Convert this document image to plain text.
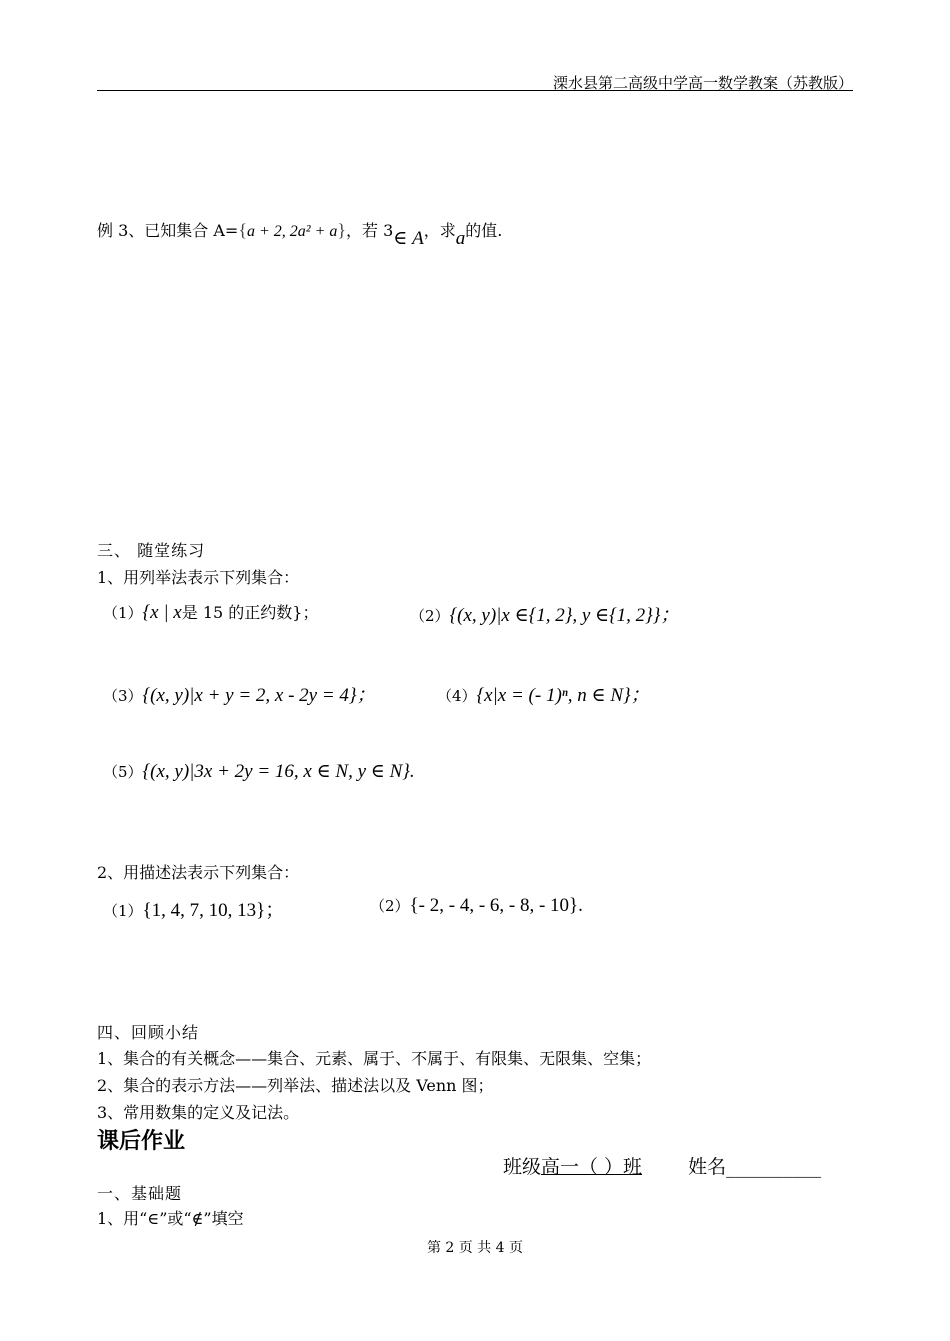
溧水县第二高级中学高一数学教案（苏教版）
例 3、已知集合 A={a + 2, 2a² + a}，若 3∈ A，求a的值.
三、 随堂练习
1、用列举法表示下列集合：
（1）{x | x是 15 的正约数}；	（2）{(x, y)|x ∈{1, 2}, y ∈{1, 2}}；
（3）{(x, y)|x + y = 2, x - 2y = 4}；	（4）{x|x = (- 1)ⁿ, n ∈ N}；
（5）{(x, y)|3x + 2y = 16, x ∈ N, y ∈ N}.
2、用描述法表示下列集合：
（1）{1, 4, 7, 10, 13}；	（2）{- 2, - 4, - 6, - 8, - 10}.
四、回顾小结
1、集合的有关概念——集合、元素、属于、不属于、有限集、无限集、空集；
2、集合的表示方法——列举法、描述法以及 Venn 图；
3、常用数集的定义及记法。
课后作业
班级高一（ ）班 姓名__________
一、基础题
1、用“∈”或“∉”填空
第 2 页 共 4 页
